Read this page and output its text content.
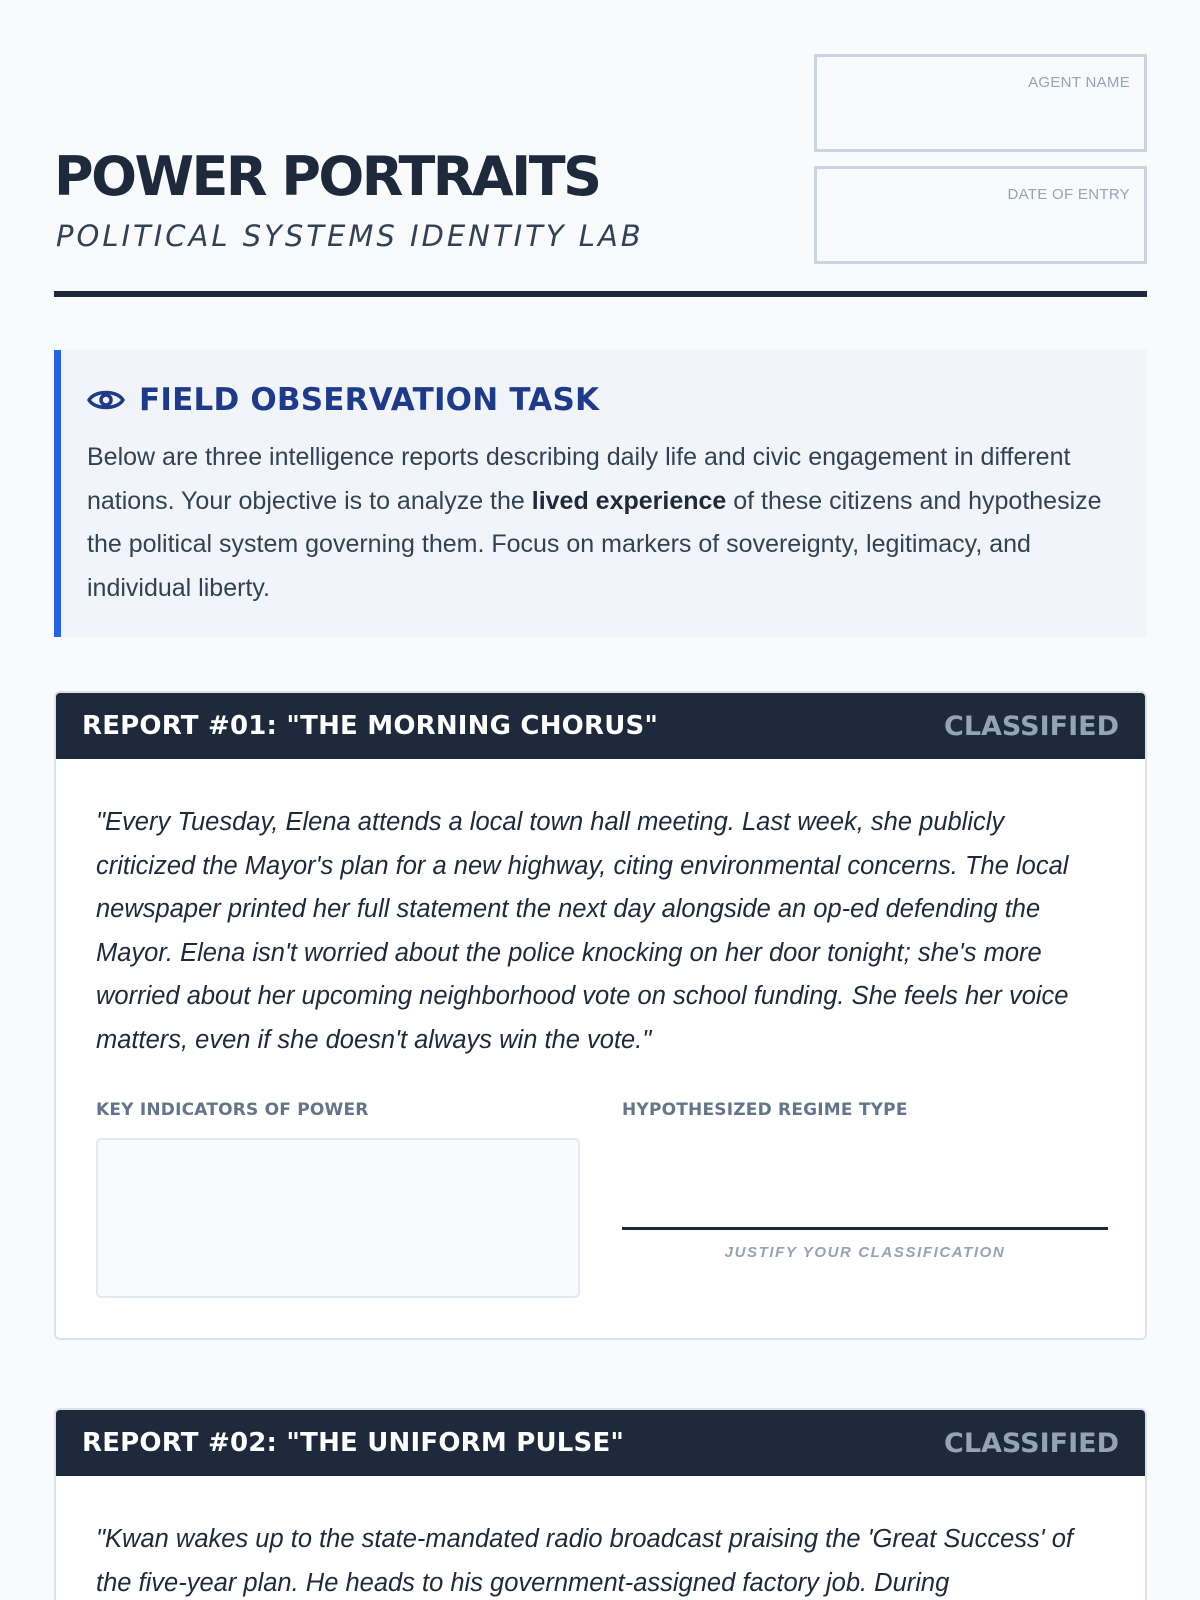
POWER PORTRAITS
POLITICAL SYSTEMS IDENTITY LAB
AGENT NAME
DATE OF ENTRY
FIELD OBSERVATION TASK

Below are three intelligence reports describing daily life and civic engagement in different nations. Your objective is to analyze the lived experience of these citizens and hypothesize the political system governing them. Focus on markers of sovereignty, legitimacy, and individual liberty.

REPORT #01: "THE MORNING CHORUS"	CLASSIFIED

"Every Tuesday, Elena attends a local town hall meeting. Last week, she publicly criticized the Mayor's plan for a new highway, citing environmental concerns. The local newspaper printed her full statement the next day alongside an op-ed defending the Mayor. Elena isn't worried about the police knocking on her door tonight; she's more worried about her upcoming neighborhood vote on school funding. She feels her voice matters, even if she doesn't always win the vote."

KEY INDICATORS OF POWER	HYPOTHESIZED REGIME TYPE
JUSTIFY YOUR CLASSIFICATION
REPORT #02: "THE UNIFORM PULSE"	CLASSIFIED

"Kwan wakes up to the state-mandated radio broadcast praising the 'Great Success' of the five-year plan. He heads to his government-assigned factory job. During
